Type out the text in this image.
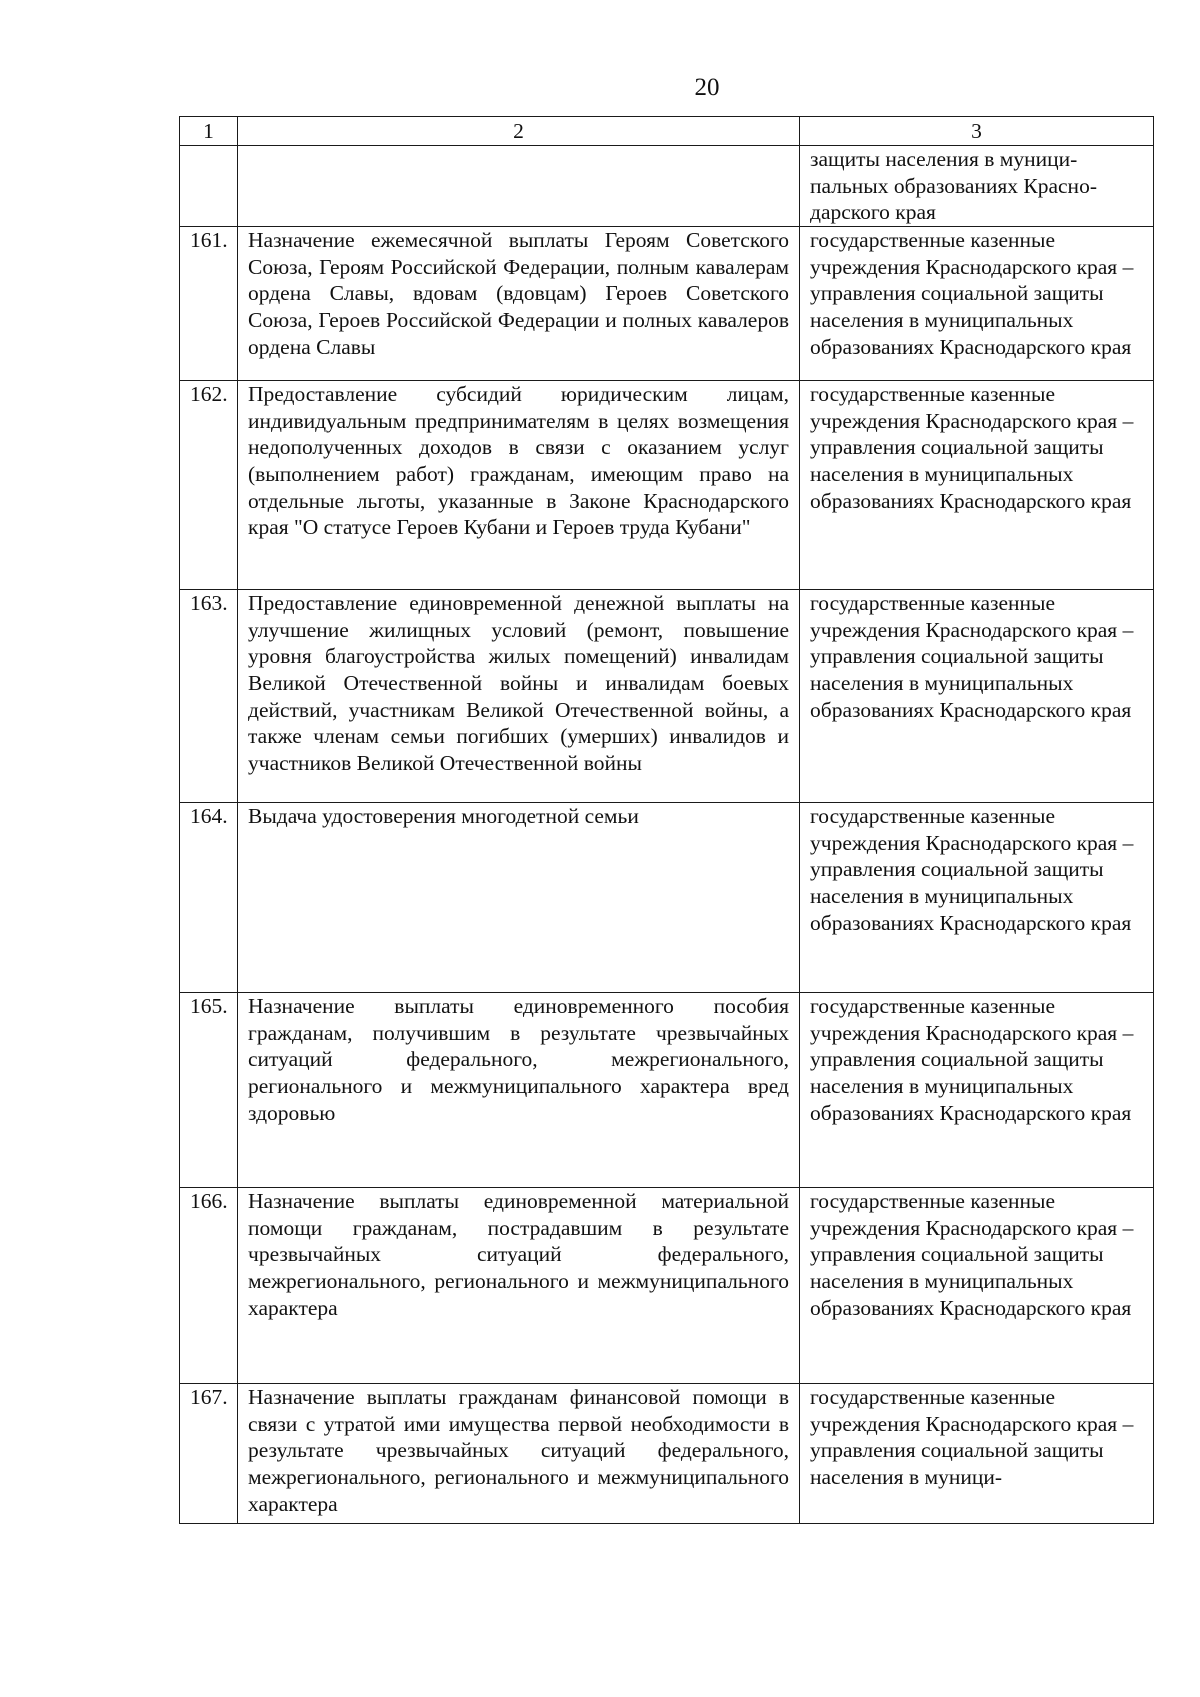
20
1	2	3
		защиты населения в муници-пальных образованиях Красно-дарского края
161.	Назначение ежемесячной выплаты Героям Советского Союза, Героям Российской Федерации, полным кавалерам ордена Славы, вдовам (вдовцам) Героев Советского Союза, Героев Российской Федерации и полных кавалеров ордена Славы	государственные казенные учреждения Краснодарского края – управления социальной защиты населения в муниципальных образованиях Краснодарского края
162.	Предоставление субсидий юридическим лицам, индивидуальным предпринимателям в целях возмещения недополученных доходов в связи с оказанием услуг (выполнением работ) гражданам, имеющим право на отдельные льготы, указанные в Законе Краснодарского края "О статусе Героев Кубани и Героев труда Кубани"	государственные казенные учреждения Краснодарского края – управления социальной защиты населения в муниципальных образованиях Краснодарского края
163.	Предоставление единовременной денежной выплаты на улучшение жилищных условий (ремонт, повышение уровня благоустройства жилых помещений) инвалидам Великой Отечественной войны и инвалидам боевых действий, участникам Великой Отечественной войны, а также членам семьи погибших (умерших) инвалидов и участников Великой Отечественной войны	государственные казенные учреждения Краснодарского края – управления социальной защиты населения в муниципальных образованиях Краснодарского края
164.	Выдача удостоверения многодетной семьи	государственные казенные учреждения Краснодарского края – управления социальной защиты населения в муниципальных образованиях Краснодарского края
165.	Назначение выплаты единовременного пособия гражданам, получившим в результате чрезвычайных ситуаций федерального, межрегионального, регионального и межмуниципального характера вред здоровью	государственные казенные учреждения Краснодарского края – управления социальной защиты населения в муниципальных образованиях Краснодарского края
166.	Назначение выплаты единовременной материальной помощи гражданам, пострадавшим в результате чрезвычайных ситуаций федерального, межрегионального, регионального и межмуниципального характера	государственные казенные учреждения Краснодарского края – управления социальной защиты населения в муниципальных образованиях Краснодарского края
167.	Назначение выплаты гражданам финансовой помощи в связи с утратой ими имущества первой необходимости в результате чрезвычайных ситуаций федерального, межрегионального, регионального и межмуниципального характера	государственные казенные учреждения Краснодарского края – управления социальной защиты населения в муници-
